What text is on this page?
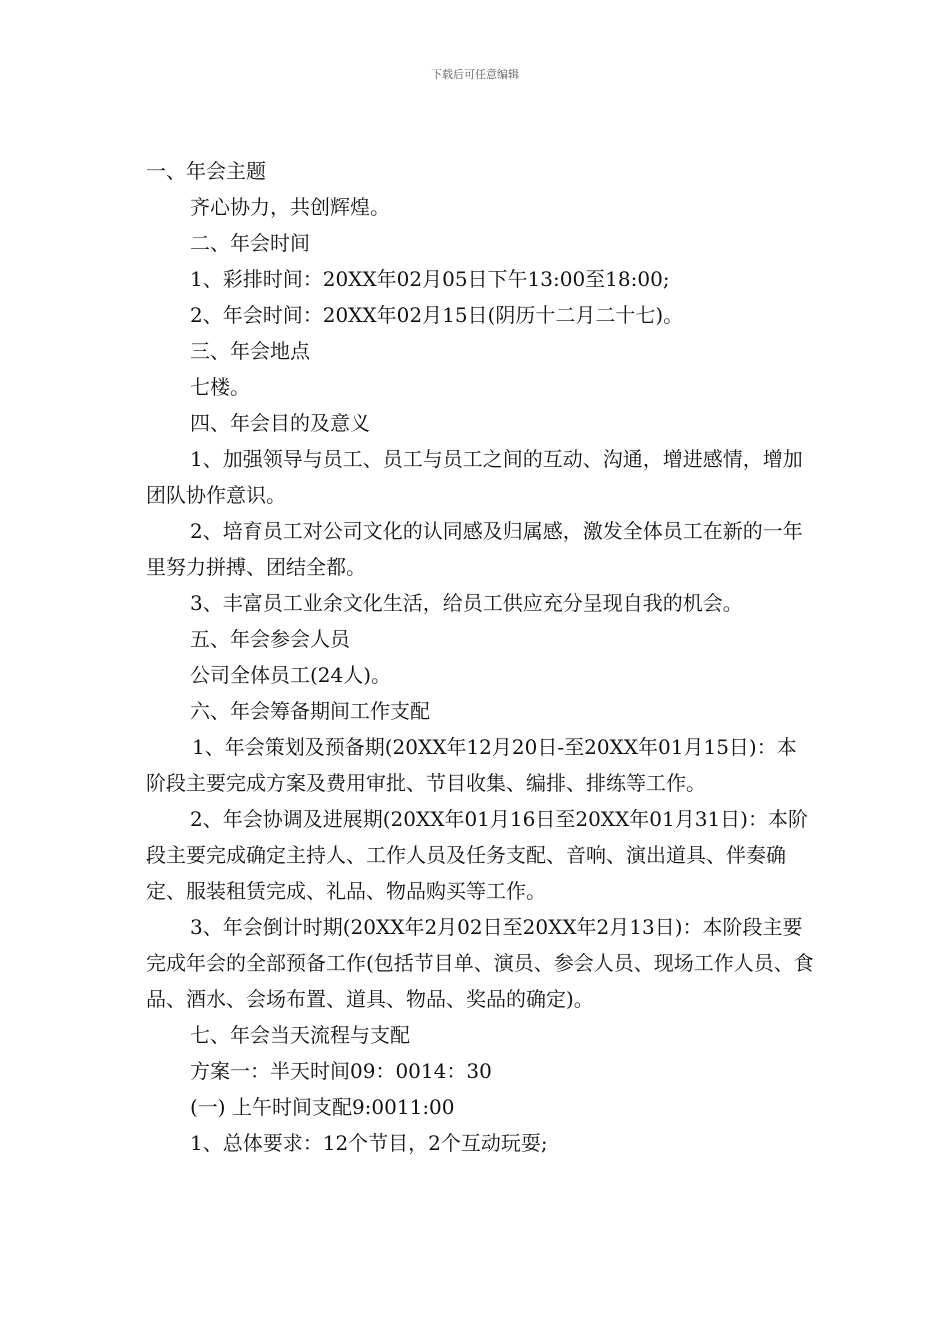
下载后可任意编辑

一、年会主题

齐心协力，共创辉煌。

二、年会时间

1、彩排时间：20XX年02月05日下午13:00至18:00;

2、年会时间：20XX年02月15日(阴历十二月二十七)。

三、年会地点

七楼。

四、年会目的及意义

1、加强领导与员工、员工与员工之间的互动、沟通，增进感情，增加团队协作意识。

2、培育员工对公司文化的认同感及归属感，激发全体员工在新的一年里努力拼搏、团结全都。

3、丰富员工业余文化生活，给员工供应充分呈现自我的机会。

五、年会参会人员

公司全体员工(24人)。

六、年会筹备期间工作支配

1、年会策划及预备期(20XX年12月20日-至20XX年01月15日)：本阶段主要完成方案及费用审批、节目收集、编排、排练等工作。

2、年会协调及进展期(20XX年01月16日至20XX年01月31日)：本阶段主要完成确定主持人、工作人员及任务支配、音响、演出道具、伴奏确定、服装租赁完成、礼品、物品购买等工作。

3、年会倒计时期(20XX年2月02日至20XX年2月13日)：本阶段主要完成年会的全部预备工作(包括节目单、演员、参会人员、现场工作人员、食品、酒水、会场布置、道具、物品、奖品的确定)。

七、年会当天流程与支配

方案一：半天时间09：0014：30

(一) 上午时间支配9:0011:00

1、总体要求：12个节目，2个互动玩耍;
